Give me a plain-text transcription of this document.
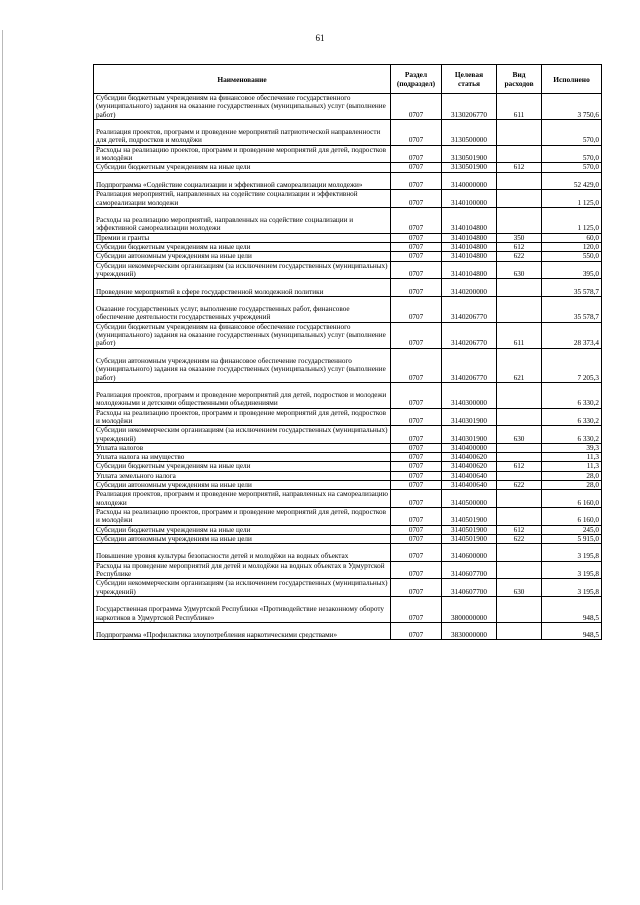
61
Наименование	Раздел (подраздел)	Целевая статья	Вид расходов	Исполнено
Субсидии бюджетным учреждениям на финансовое обеспечение государственного (муниципального) задания на оказание государственных (муниципальных) услуг (выполнение работ)	0707	3130206770	611	3 750,6
Реализация проектов, программ и проведение мероприятий патриотической направленности для детей, подростков и молодёжи	0707	3130500000		570,0
Расходы на реализацию проектов, программ и проведение мероприятий для детей, подростков и молодёжи	0707	3130501900		570,0
Субсидии бюджетным учреждениям на иные цели	0707	3130501900	612	570,0
Подпрограмма «Содействие социализации и эффективной самореализации молодежи»	0707	3140000000		52 429,0
Реализация мероприятий, направленных на содействие социализации и эффективной самореализации молодежи	0707	3140100000		1 125,0
Расходы на реализацию мероприятий, направленных на содействие социализации и эффективной самореализации молодежи	0707	3140104800		1 125,0
Премии и гранты	0707	3140104800	350	60,0
Субсидии бюджетным учреждениям на иные цели	0707	3140104800	612	120,0
Субсидии автономным учреждениям на иные цели	0707	3140104800	622	550,0
Субсидии некоммерческим организациям (за исключением государственных (муниципальных) учреждений)	0707	3140104800	630	395,0
Проведение мероприятий в сфере государственной молодежной политики	0707	3140200000		35 578,7
Оказание государственных услуг, выполнение государственных работ, финансовое обеспечение деятельности государственных учреждений	0707	3140206770		35 578,7
Субсидии бюджетным учреждениям на финансовое обеспечение государственного (муниципального) задания на оказание государственных (муниципальных) услуг (выполнение работ)	0707	3140206770	611	28 373,4
Субсидии автономным учреждениям на финансовое обеспечение государственного (муниципального) задания на оказание государственных (муниципальных) услуг (выполнение работ)	0707	3140206770	621	7 205,3
Реализация проектов, программ и проведение мероприятий для детей, подростков и молодежи молодежными и детскими общественными объединениями	0707	3140300000		6 330,2
Расходы на реализацию проектов, программ и проведение мероприятий для детей, подростков и молодёжи	0707	3140301900		6 330,2
Субсидии некоммерческим организациям (за исключением государственных (муниципальных) учреждений)	0707	3140301900	630	6 330,2
Уплата налогов	0707	3140400000		39,3
Уплата налога на имущество	0707	3140400620		11,3
Субсидии бюджетным учреждениям на иные цели	0707	3140400620	612	11,3
Уплата земельного налога	0707	3140400640		28,0
Субсидии автономным учреждениям на иные цели	0707	3140400640	622	28,0
Реализация проектов, программ и проведение мероприятий, направленных на самореализацию молодежи	0707	3140500000		6 160,0
Расходы на реализацию проектов, программ и проведение мероприятий для детей, подростков и молодёжи	0707	3140501900		6 160,0
Субсидии бюджетным учреждениям на иные цели	0707	3140501900	612	245,0
Субсидии автономным учреждениям на иные цели	0707	3140501900	622	5 915,0
Повышение уровня культуры безопасности детей и молодёжи на водных объектах	0707	3140600000		3 195,8
Расходы на проведение мероприятий для детей и молодёжи на водных объектах в Удмуртской Республике	0707	3140607700		3 195,8
Субсидии некоммерческим организациям (за исключением государственных (муниципальных) учреждений)	0707	3140607700	630	3 195,8
Государственная программа Удмуртской Республики «Противодействие незаконному обороту наркотиков в Удмуртской Республике»	0707	3800000000		948,5
Подпрограмма «Профилактика злоупотребления наркотическими средствами»	0707	3830000000		948,5
